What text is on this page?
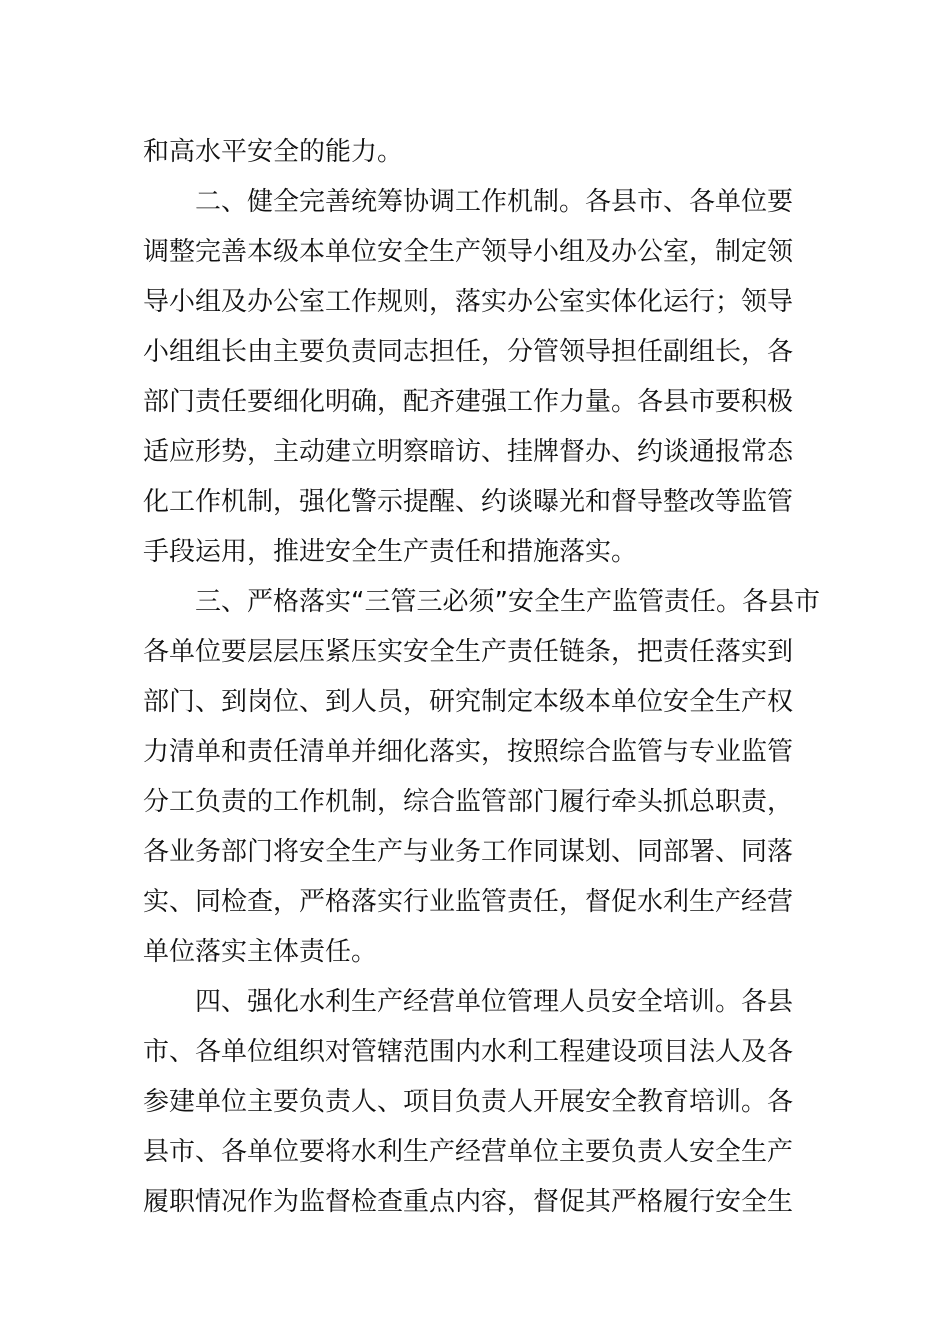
和高水平安全的能力。
二、健全完善统筹协调工作机制。各县市、各单位要
调整完善本级本单位安全生产领导小组及办公室，制定领
导小组及办公室工作规则，落实办公室实体化运行；领导
小组组长由主要负责同志担任，分管领导担任副组长，各
部门责任要细化明确，配齐建强工作力量。各县市要积极
适应形势，主动建立明察暗访、挂牌督办、约谈通报常态
化工作机制，强化警示提醒、约谈曝光和督导整改等监管
手段运用，推进安全生产责任和措施落实。
三、严格落实“三管三必须”安全生产监管责任。各县市
各单位要层层压紧压实安全生产责任链条，把责任落实到
部门、到岗位、到人员，研究制定本级本单位安全生产权
力清单和责任清单并细化落实，按照综合监管与专业监管
分工负责的工作机制，综合监管部门履行牵头抓总职责，
各业务部门将安全生产与业务工作同谋划、同部署、同落
实、同检查，严格落实行业监管责任，督促水利生产经营
单位落实主体责任。
四、强化水利生产经营单位管理人员安全培训。各县
市、各单位组织对管辖范围内水利工程建设项目法人及各
参建单位主要负责人、项目负责人开展安全教育培训。各
县市、各单位要将水利生产经营单位主要负责人安全生产
履职情况作为监督检查重点内容，督促其严格履行安全生
